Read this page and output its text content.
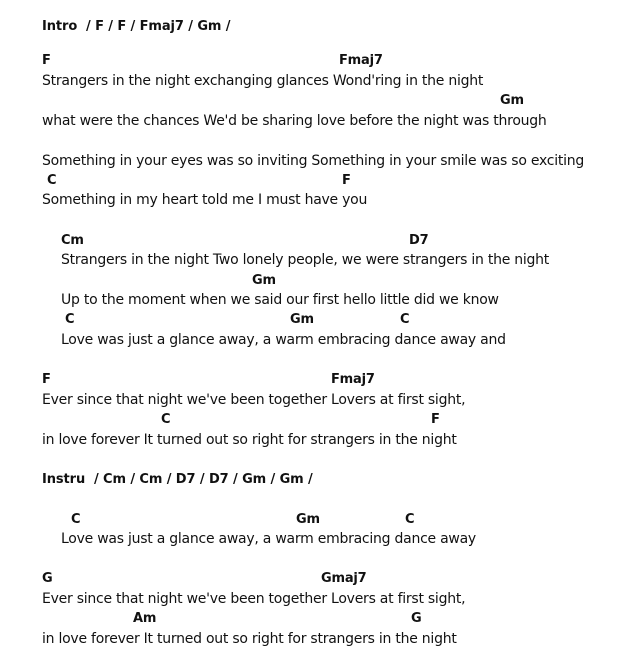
Intro  / F / F / Fmaj7 / Gm /
F	Fmaj7
Strangers in the night exchanging glances Wond'ring in the night
Gm
what were the chances We'd be sharing love before the night was through
Something in your eyes was so inviting Something in your smile was so exciting
C	F
Something in my heart told me I must have you
Cm	D7
Strangers in the night Two lonely people, we were strangers in the night
Gm
Up to the moment when we said our first hello little did we know
C	Gm	C
Love was just a glance away, a warm embracing dance away and
F	Fmaj7
Ever since that night we've been together Lovers at first sight,
C	F
in love forever It turned out so right for strangers in the night
Instru  / Cm / Cm / D7 / D7 / Gm / Gm /
C	Gm	C
Love was just a glance away, a warm embracing dance away
G	Gmaj7
Ever since that night we've been together Lovers at first sight,
Am	G
in love forever It turned out so right for strangers in the night
